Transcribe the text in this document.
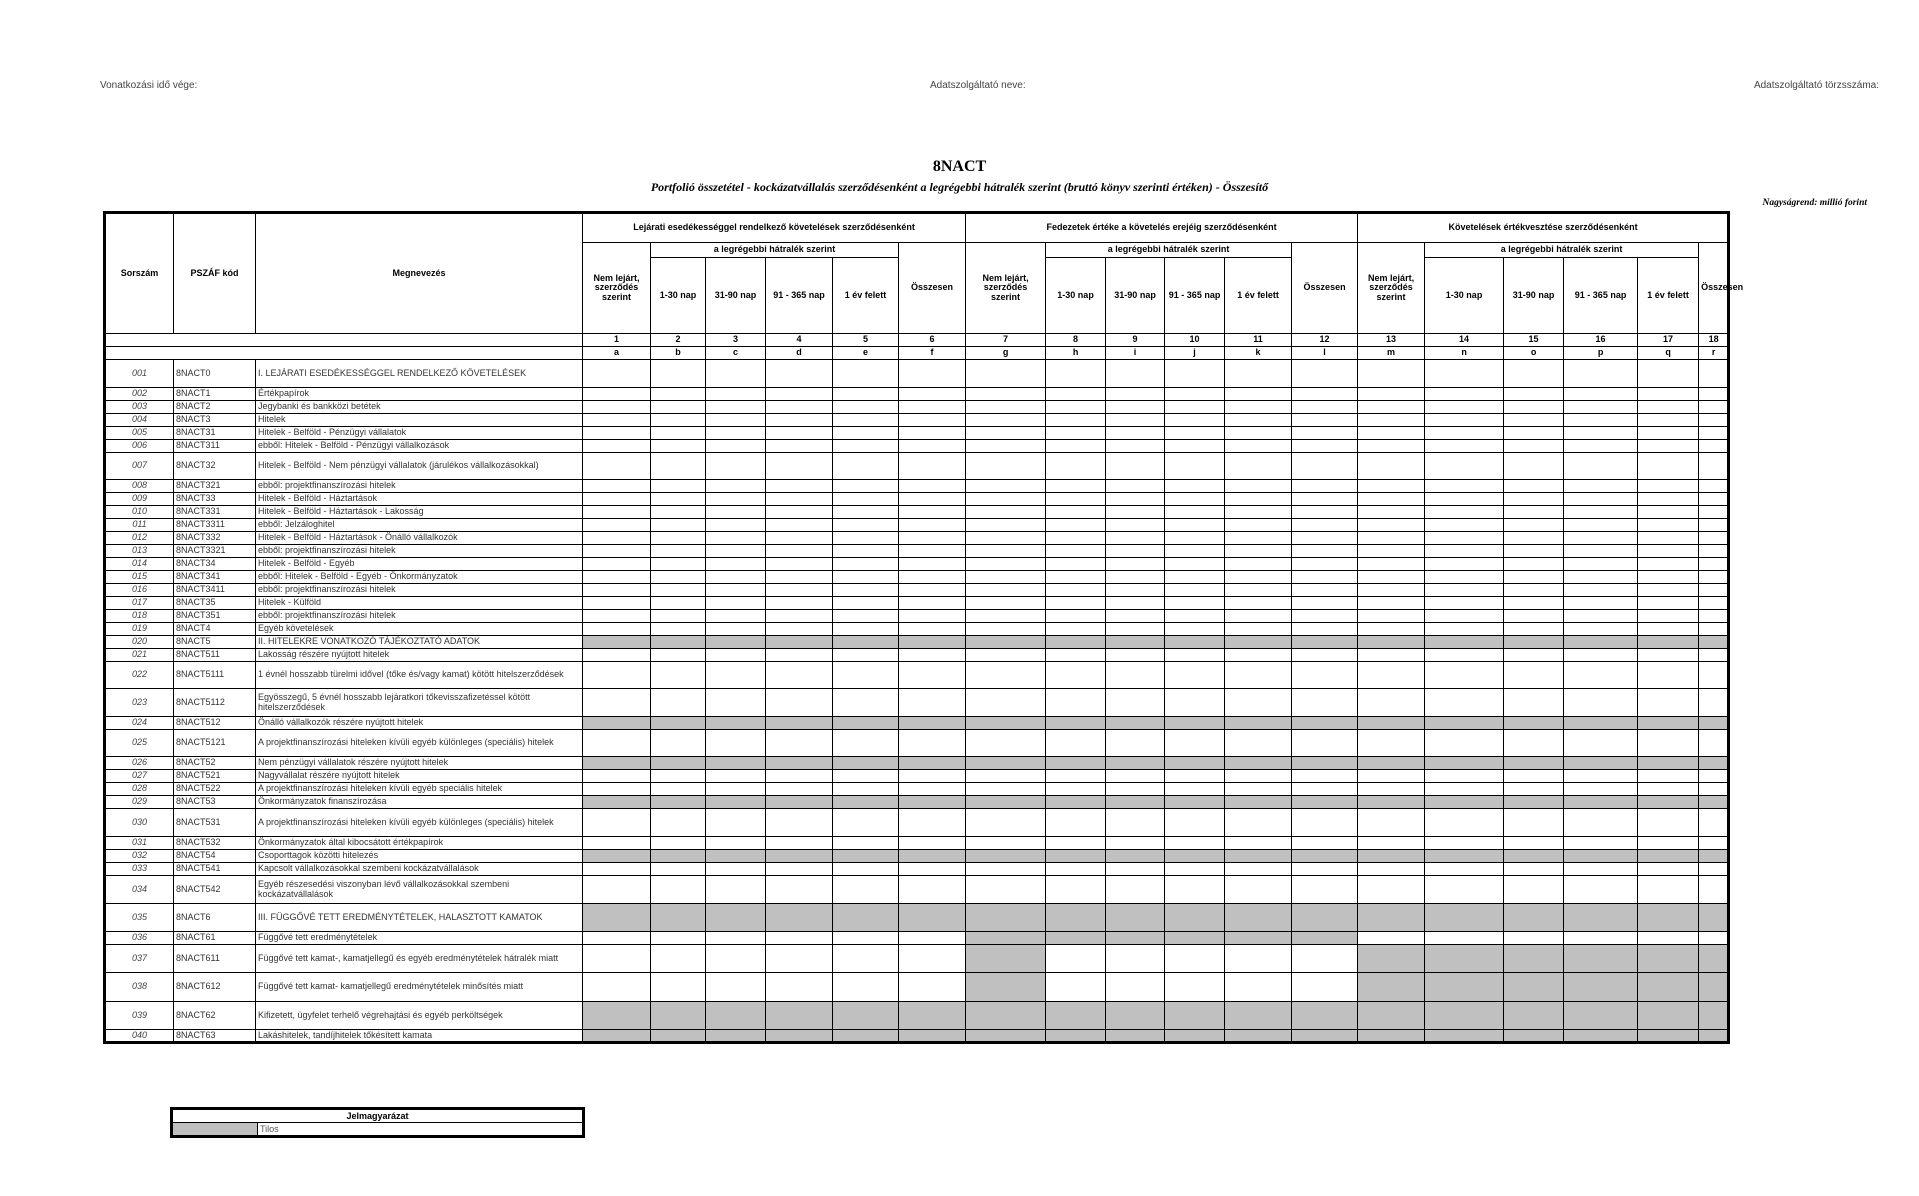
Vonatkozási idő vége:	Adatszolgáltató neve:	Adatszolgáltató törzsszáma:
8NACT
Portfolió összetétel - kockázatvállalás szerződésenként a legrégebbi hátralék szerint (bruttó könyv szerinti értéken) - Összesítő
Nagyságrend: millió forint
Sorszám	PSZÁF kód	Megnevezés	Lejárati esedékességgel rendelkező követelések szerződésenként						Fedezetek értéke a követelés erejéig szerződésenként						Követelések értékvesztése szerződésenként		
			Nem lejárt, szerződés szerint	a legrégebbi hátralék szerint				Összesen	Nem lejárt, szerződés szerint	a legrégebbi hátralék szerint				Összesen	Nem lejárt, szerződés szerint	a legrégebbi hátralék szerint				Összesen	
				1-30 nap	31-90 nap	91 - 365 nap	1 év felett			1-30 nap	31-90 nap	91 - 365 nap	1 év felett			1-30 nap	31-90 nap	91 - 365 nap	1 év felett		
			1	2	3	4	5	6	7	8	9	10	11	12	13	14	15	16	17	18		
			a	b	c	d	e	f	g	h	i	j	k	l	m	n	o	p	q	r		
001	8NACT0	I. LEJÁRATI ESEDÉKESSÉGGEL RENDELKEZŐ KÖVETELÉSEK																				
002	8NACT1	Értékpapírok																				
003	8NACT2	Jegybanki és bankközi betétek																				
004	8NACT3	Hitelek																				
005	8NACT31	Hitelek - Belföld - Pénzügyi vállalatok																				
006	8NACT311	ebből: Hitelek - Belföld - Pénzügyi vállalkozások																				
007	8NACT32	Hitelek - Belföld - Nem pénzügyi vállalatok (járulékos vállalkozásokkal)																				
008	8NACT321	ebből: projektfinanszírozási hitelek																				
009	8NACT33	Hitelek - Belföld - Háztartások																				
010	8NACT331	Hitelek - Belföld - Háztartások - Lakosság																				
011	8NACT3311	ebből: Jelzáloghitel																				
012	8NACT332	Hitelek - Belföld - Háztartások - Önálló vállalkozók																				
013	8NACT3321	ebből: projektfinanszírozási hitelek																				
014	8NACT34	Hitelek - Belföld - Egyéb																				
015	8NACT341	ebből: Hitelek - Belföld - Egyéb - Önkormányzatok																				
016	8NACT3411	ebből: projektfinanszírozási hitelek																				
017	8NACT35	Hitelek - Külföld																				
018	8NACT351	ebből: projektfinanszírozási hitelek																				
019	8NACT4	Egyéb követelések																				
020	8NACT5	II. HITELEKRE VONATKOZÓ TÁJÉKOZTATÓ ADATOK																				
021	8NACT511	Lakosság részére nyújtott hitelek																				
022	8NACT5111	1 évnél hosszabb türelmi idővel (tőke és/vagy kamat) kötött hitelszerződések																				
023	8NACT5112	Egyösszegű, 5 évnél hosszabb lejáratkori tőkevisszafizetéssel kötött hitelszerződések																				
024	8NACT512	Önálló vállalkozók részére nyújtott hitelek																				
025	8NACT5121	A projektfinanszírozási hiteleken kívüli egyéb különleges (speciális) hitelek																				
026	8NACT52	Nem pénzügyi vállalatok részére nyújtott hitelek																				
027	8NACT521	Nagyvállalat részére nyújtott hitelek																				
028	8NACT522	A projektfinanszírozási hiteleken kívüli egyéb speciális hitelek																				
029	8NACT53	Önkormányzatok finanszírozása																				
030	8NACT531	A projektfinanszírozási hiteleken kívüli egyéb különleges (speciális) hitelek																				
031	8NACT532	Önkormányzatok által kibocsátott értékpapírok																				
032	8NACT54	Csoporttagok közötti hitelezés																				
033	8NACT541	Kapcsolt vállalkozásokkal szembeni kockázatvállalások																				
034	8NACT542	Egyéb részesedési viszonyban lévő vállalkozásokkal szembeni kockázatvállalások																				
035	8NACT6	III. FÜGGŐVÉ TETT EREDMÉNYTÉTELEK, HALASZTOTT KAMATOK																				
036	8NACT61	Függővé tett eredménytételek																				
037	8NACT611	Függővé tett kamat-, kamatjellegű és egyéb eredménytételek hátralék miatt																				
038	8NACT612	Függővé tett kamat- kamatjellegű eredménytételek minősítés miatt																				
039	8NACT62	Kifizetett, ügyfelet terhelő végrehajtási és egyéb perköltségek																				
040	8NACT63	Lakáshitelek, tandíjhitelek tőkésített kamata																				
Jelmagyarázat
	Tilos
